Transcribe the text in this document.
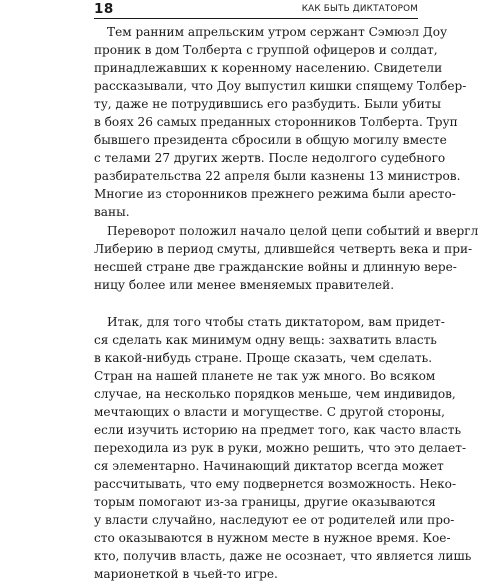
18	КАК БЫТЬ ДИКТАТОРОМ
Тем ранним апрельским утром сержант Сэмюэл Доу
проник в дом Толберта с группой офицеров и солдат,
принадлежавших к коренному населению. Свидетели
рассказывали, что Доу выпустил кишки спящему Толбер-
ту, даже не потрудившись его разбудить. Были убиты
в боях 26 самых преданных сторонников Толберта. Труп
бывшего президента сбросили в общую могилу вместе
с телами 27 других жертв. После недолгого судебного
разбирательства 22 апреля были казнены 13 министров.
Многие из сторонников прежнего режима были аресто-
ваны.
Переворот положил начало целой цепи событий и ввергл
Либерию в период смуты, длившейся четверть века и при-
несшей стране две гражданские войны и длинную вере-
ницу более или менее вменяемых правителей.
Итак, для того чтобы стать диктатором, вам придет-
ся сделать как минимум одну вещь: захватить власть
в какой-нибудь стране. Проще сказать, чем сделать.
Стран на нашей планете не так уж много. Во всяком
случае, на несколько порядков меньше, чем индивидов,
мечтающих о власти и могуществе. С другой стороны,
если изучить историю на предмет того, как часто власть
переходила из рук в руки, можно решить, что это делает-
ся элементарно. Начинающий диктатор всегда может
рассчитывать, что ему подвернется возможность. Неко-
торым помогают из-за границы, другие оказываются
у власти случайно, наследуют ее от родителей или про-
сто оказываются в нужном месте в нужное время. Кое-
кто, получив власть, даже не осознает, что является лишь
марионеткой в чьей-то игре.
